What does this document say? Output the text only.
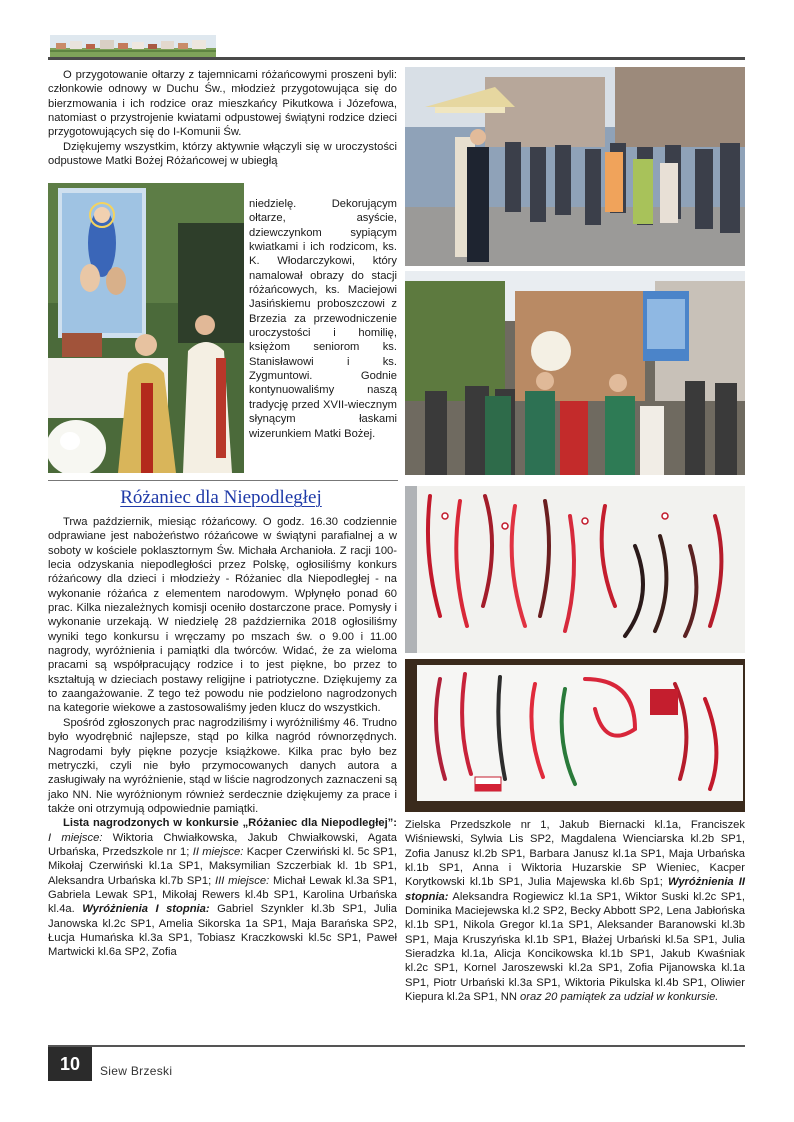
O przygotowanie ołtarzy z tajemnicami różańcowymi proszeni byli: członkowie odnowy w Duchu Św., młodzież przygotowująca się do bierzmowania i ich rodzice oraz mieszkańcy Pikutkowa i Józefowa, natomiast o przystrojenie kwiatami odpustowej świątyni rodzice dzieci przygotowujących się do I-Komunii Św.

Dziękujemy wszystkim, którzy aktywnie włączyli się w uroczystości odpustowe Matki Bożej Różańcowej w ubiegłą

niedzielę. Dekorującym ołtarze, asyście, dziewczynkom sypiącym kwiatkami i ich rodzicom, ks. K. Włodarczykowi, który namalował obrazy do stacji różańcowych, ks. Maciejowi Jasińskiemu proboszczowi z Brzezia za przewodniczenie uroczystości i homilię, księżom seniorom ks. Stanisławowi i ks. Zygmuntowi. Godnie kontynuowaliśmy naszą tradycję przed XVII-wiecznym słynącym łaskami wizerunkiem Matki Bożej.

Różaniec dla Niepodległej

Trwa październik, miesiąc różańcowy. O godz. 16.30 codziennie odprawiane jest nabożeństwo różańcowe w świątyni parafialnej a w soboty w kościele poklasztornym Św. Michała Archanioła. Z racji 100-lecia odzyskania niepodległości przez Polskę, ogłosiliśmy konkurs różańcowy dla dzieci i młodzieży - Różaniec dla Niepodległej - na wykonanie różańca z elementem narodowym. Wpłynęło ponad 60 prac. Kilka niezależnych komisji oceniło dostarczone prace. Pomysły i wykonanie urzekają. W niedzielę 28 października 2018 ogłosiliśmy wyniki tego konkursu i wręczamy po mszach św. o 9.00 i 11.00 nagrody, wyróżnienia i pamiątki dla twórców. Widać, że za wieloma pracami są współpracujący rodzice i to jest piękne, bo przez to kształtują w dzieciach postawy religijne i patriotyczne. Dziękujemy za to zaangażowanie. Z tego też powodu nie podzielono nagrodzonych na kategorie wiekowe a zastosowaliśmy jeden klucz do wszystkich.

Spośród zgłoszonych prac nagrodziliśmy i wyróżniliśmy 46. Trudno było wyodrębnić najlepsze, stąd po kilka nagród równorzędnych. Nagrodami były piękne pozycje książkowe. Kilka prac było bez metryczki, czyli nie było przymocowanych danych autora a zasługiwały na wyróżnienie, stąd w liście nagrodzonych zaznaczeni są jako NN. Nie wyróżnionym również serdecznie dziękujemy za prace i także oni otrzymują odpowiednie pamiątki.

Lista nagrodzonych w konkursie „Różaniec dla Niepodległej”: I miejsce: Wiktoria Chwiałkowska, Jakub Chwiałkowski, Agata Urbańska, Przedszkole nr 1; II miejsce: Kacper Czerwiński kl. 5c SP1, Mikołaj Czerwiński kl.1a SP1, Maksymilian Szczerbiak kl. 1b SP1, Aleksandra Urbańska kl.7b SP1; III miejsce: Michał Lewak kl.3a SP1, Gabriela Lewak SP1, Mikołaj Rewers kl.4b SP1, Karolina Urbańska kl.4a. Wyróżnienia I stopnia: Gabriel Szynkler kl.3b SP1, Julia Janowska kl.2c SP1, Amelia Sikorska 1a SP1, Maja Barańska SP2, Łucja Humańska kl.3a SP1, Tobiasz Kraczkowski kl.5c SP1, Paweł Martwicki kl.6a SP2, Zofia

Zielska Przedszkole nr 1, Jakub Biernacki kl.1a, Franciszek Wiśniewski, Sylwia Lis SP2, Magdalena Wienciarska kl.2b SP1, Zofia Janusz kl.2b SP1, Barbara Janusz kl.1a SP1, Maja Urbańska kl.1b SP1, Anna i Wiktoria Huzarskie SP Wieniec, Kacper Korytkowski kl.1b SP1, Julia Majewska kl.6b Sp1; Wyróżnienia II stopnia: Aleksandra Rogiewicz kl.1a SP1, Wiktor Suski kl.2c SP1, Dominika Maciejewska kl.2 SP2, Becky Abbott SP2, Lena Jabłońska kl.1b SP1, Nikola Gregor kl.1a SP1, Aleksander Baranowski kl.3b SP1, Maja Kruszyńska kl.1b SP1, Błażej Urbański kl.5a SP1, Julia Sieradzka kl.1a, Alicja Koncikowska kl.1b SP1, Jakub Kwaśniak kl.2c SP1, Kornel Jaroszewski kl.2a SP1, Zofia Pijanowska kl.1a SP1, Piotr Urbański kl.3a SP1, Wiktoria Pikulska kl.4b SP1, Oliwier Kiepura kl.2a SP1, NN oraz 20 pamiątek za udział w konkursie.

10	Siew Brzeski
